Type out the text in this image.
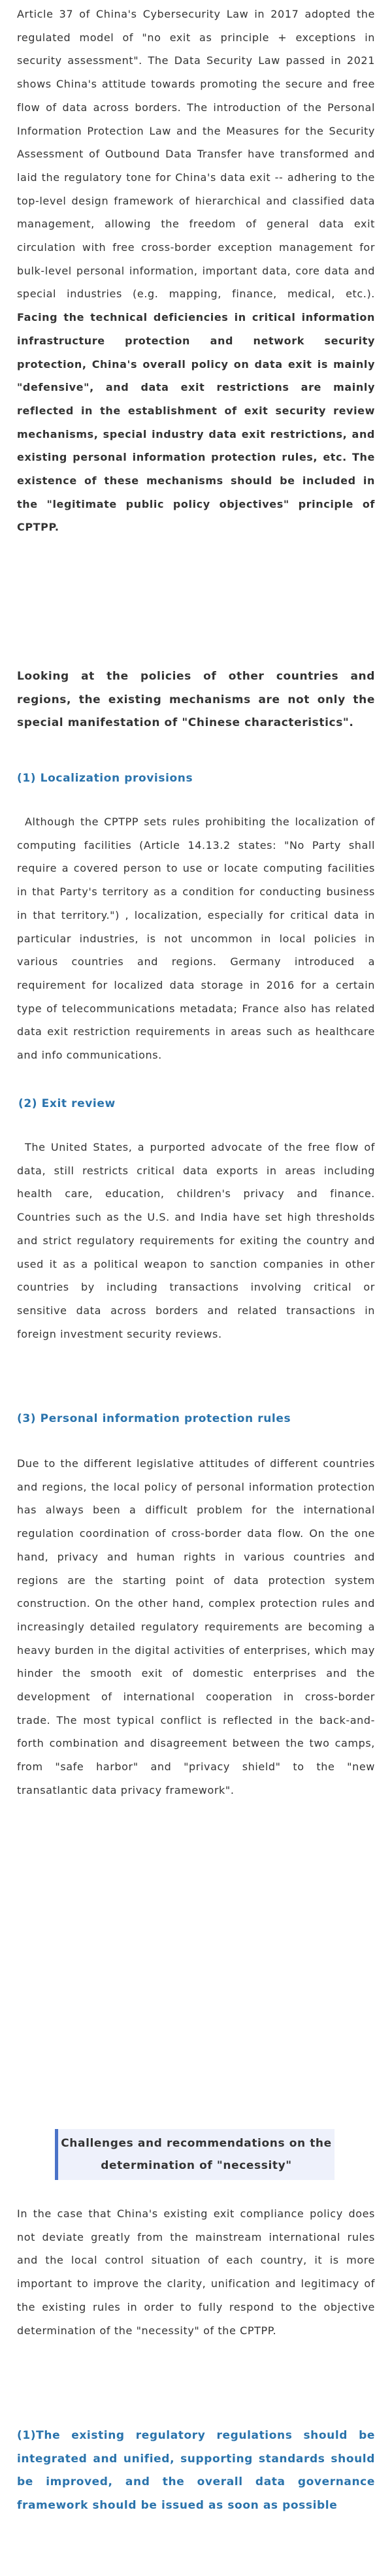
Article 37 of China's Cybersecurity Law in 2017 adopted the regulated model of "no exit as principle + exceptions in security assessment". The Data Security Law passed in 2021 shows China's attitude towards promoting the secure and free flow of data across borders. The introduction of the Personal Information Protection Law and the Measures for the Security Assessment of Outbound Data Transfer have transformed and laid the regulatory tone for China's data exit -- adhering to the top-level design framework of hierarchical and classified data management, allowing the freedom of general data exit circulation with free cross-border exception management for bulk-level personal information, important data, core data and special industries (e.g. mapping, finance, medical, etc.). Facing the technical deficiencies in critical information infrastructure protection and network security protection, China's overall policy on data exit is mainly "defensive", and data exit restrictions are mainly reflected in the establishment of exit security review mechanisms, special industry data exit restrictions, and existing personal information protection rules, etc. The existence of these mechanisms should be included in the "legitimate public policy objectives" principle of CPTPP.

Looking at the policies of other countries and regions, the existing mechanisms are not only the special manifestation of "Chinese characteristics".

(1) Localization provisions

Although the CPTPP sets rules prohibiting the localization of computing facilities (Article 14.13.2 states: "No Party shall require a covered person to use or locate computing facilities in that Party's territory as a condition for conducting business in that territory.") , localization, especially for critical data in particular industries, is not uncommon in local policies in various countries and regions. Germany introduced a requirement for localized data storage in 2016 for a certain type of telecommunications metadata; France also has related data exit restriction requirements in areas such as healthcare and info communications.

(2) Exit review

The United States, a purported advocate of the free flow of data, still restricts critical data exports in areas including health care, education, children's privacy and finance. Countries such as the U.S. and India have set high thresholds and strict regulatory requirements for exiting the country and used it as a political weapon to sanction companies in other countries by including transactions involving critical or sensitive data across borders and related transactions in foreign investment security reviews.

(3) Personal information protection rules

Due to the different legislative attitudes of different countries and regions, the local policy of personal information protection has always been a difficult problem for the international regulation coordination of cross-border data flow. On the one hand, privacy and human rights in various countries and regions are the starting point of data protection system construction. On the other hand, complex protection rules and increasingly detailed regulatory requirements are becoming a heavy burden in the digital activities of enterprises, which may hinder the smooth exit of domestic enterprises and the development of international cooperation in cross-border trade. The most typical conflict is reflected in the back-and-forth combination and disagreement between the two camps, from "safe harbor" and "privacy shield" to the "new transatlantic data privacy framework".

Challenges and recommendations on the determination of "necessity"

In the case that China's existing exit compliance policy does not deviate greatly from the mainstream international rules and the local control situation of each country, it is more important to improve the clarity, unification and legitimacy of the existing rules in order to fully respond to the objective determination of the "necessity" of the CPTPP.

(1)The existing regulatory regulations should be integrated and unified, supporting standards should be improved, and the overall data governance framework should be issued as soon as possible
